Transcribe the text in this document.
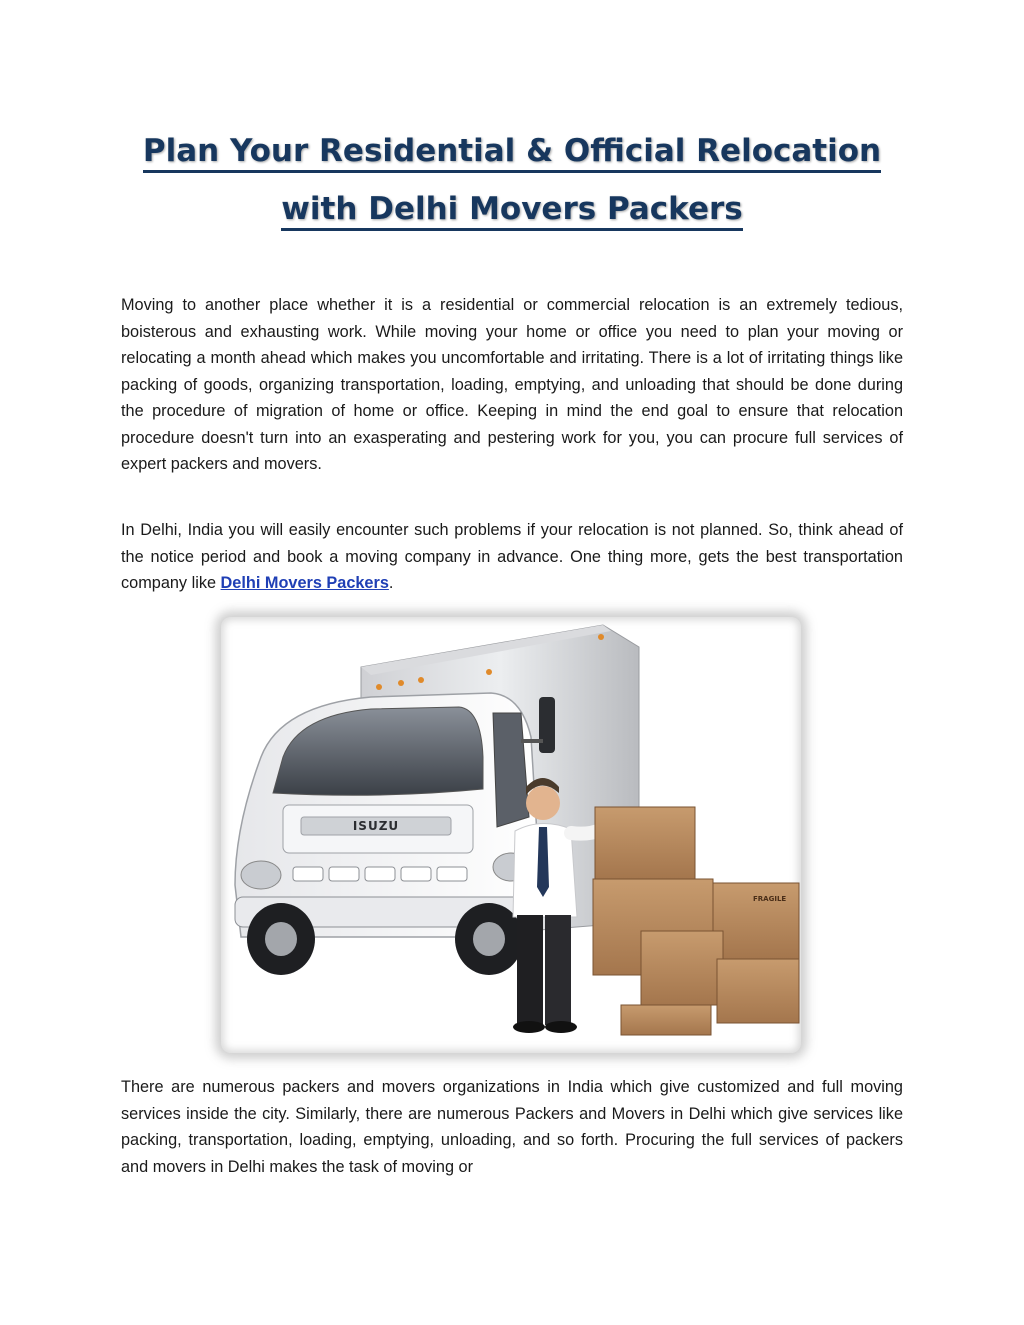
Plan Your Residential & Official Relocation
with Delhi Movers Packers

Moving to another place whether it is a residential or commercial relocation is an extremely tedious, boisterous and exhausting work. While moving your home or office you need to plan your moving or relocating a month ahead which makes you uncomfortable and irritating. There is a lot of irritating things like packing of goods, organizing transportation, loading, emptying, and unloading that should be done during the procedure of migration of home or office. Keeping in mind the end goal to ensure that relocation procedure doesn't turn into an exasperating and pestering work for you, you can procure full services of expert packers and movers.

In Delhi, India you will easily encounter such problems if your relocation is not planned. So, think ahead of the notice period and book a moving company in advance. One thing more, gets the best transportation company like Delhi Movers Packers.

ISUZU
FRAGILE

There are numerous packers and movers organizations in India which give customized and full moving services inside the city. Similarly, there are numerous Packers and Movers in Delhi which give services like packing, transportation, loading, emptying, unloading, and so forth. Procuring the full services of packers and movers in Delhi makes the task of moving or
